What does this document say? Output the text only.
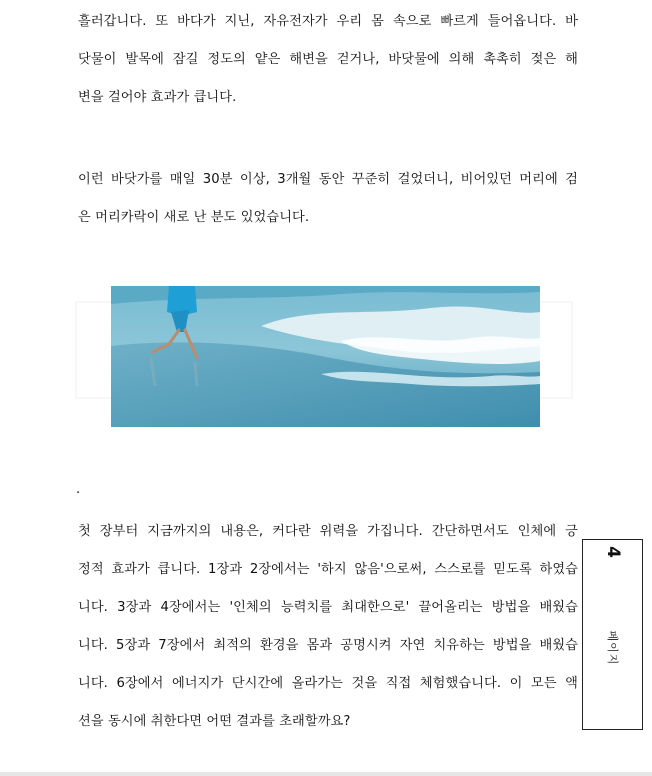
흘러갑니다. 또 바다가 지닌, 자유전자가 우리 몸 속으로 빠르게 들어옵니다. 바
닷물이 발목에 잠길 정도의 얕은 해변을 걷거나, 바닷물에 의해 촉촉히 젖은 해
변을 걸어야 효과가 큽니다.
이런 바닷가를 매일 30분 이상, 3개월 동안 꾸준히 걸었더니, 비어있던 머리에 검
은 머리카락이 새로 난 분도 있었습니다.
.
첫 장부터 지금까지의 내용은, 커다란 위력을 가집니다. 간단하면서도 인체에 긍
정적 효과가 큽니다. 1장과 2장에서는 '하지 않음'으로써, 스스로를 믿도록 하였습
니다. 3장과 4장에서는 '인체의 능력치를 최대한으로' 끌어올리는 방법을 배웠습
니다. 5장과 7장에서 최적의 환경을 몸과 공명시켜 자연 치유하는 방법을 배웠습
니다. 6장에서 에너지가 단시간에 올라가는 것을 직접 체험했습니다. 이 모든 액
션을 동시에 취한다면 어떤 결과를 초래할까요?
4
페이지
